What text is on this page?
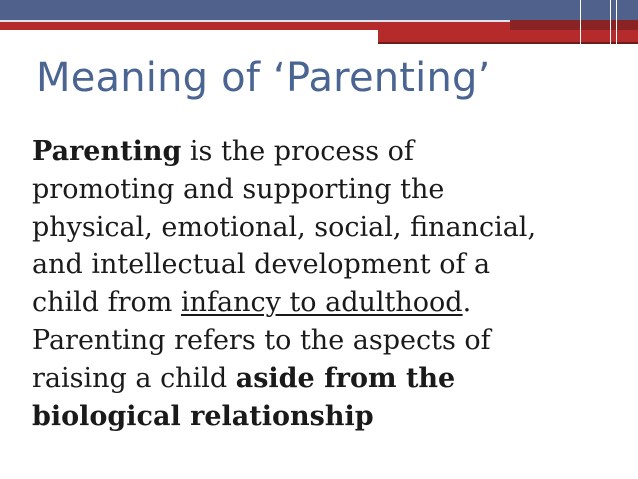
Meaning of ‘Parenting’

Parenting is the process of
promoting and supporting the
physical, emotional, social, financial,
and intellectual development of a
child from infancy to adulthood.
Parenting refers to the aspects of
raising a child aside from the
biological relationship
